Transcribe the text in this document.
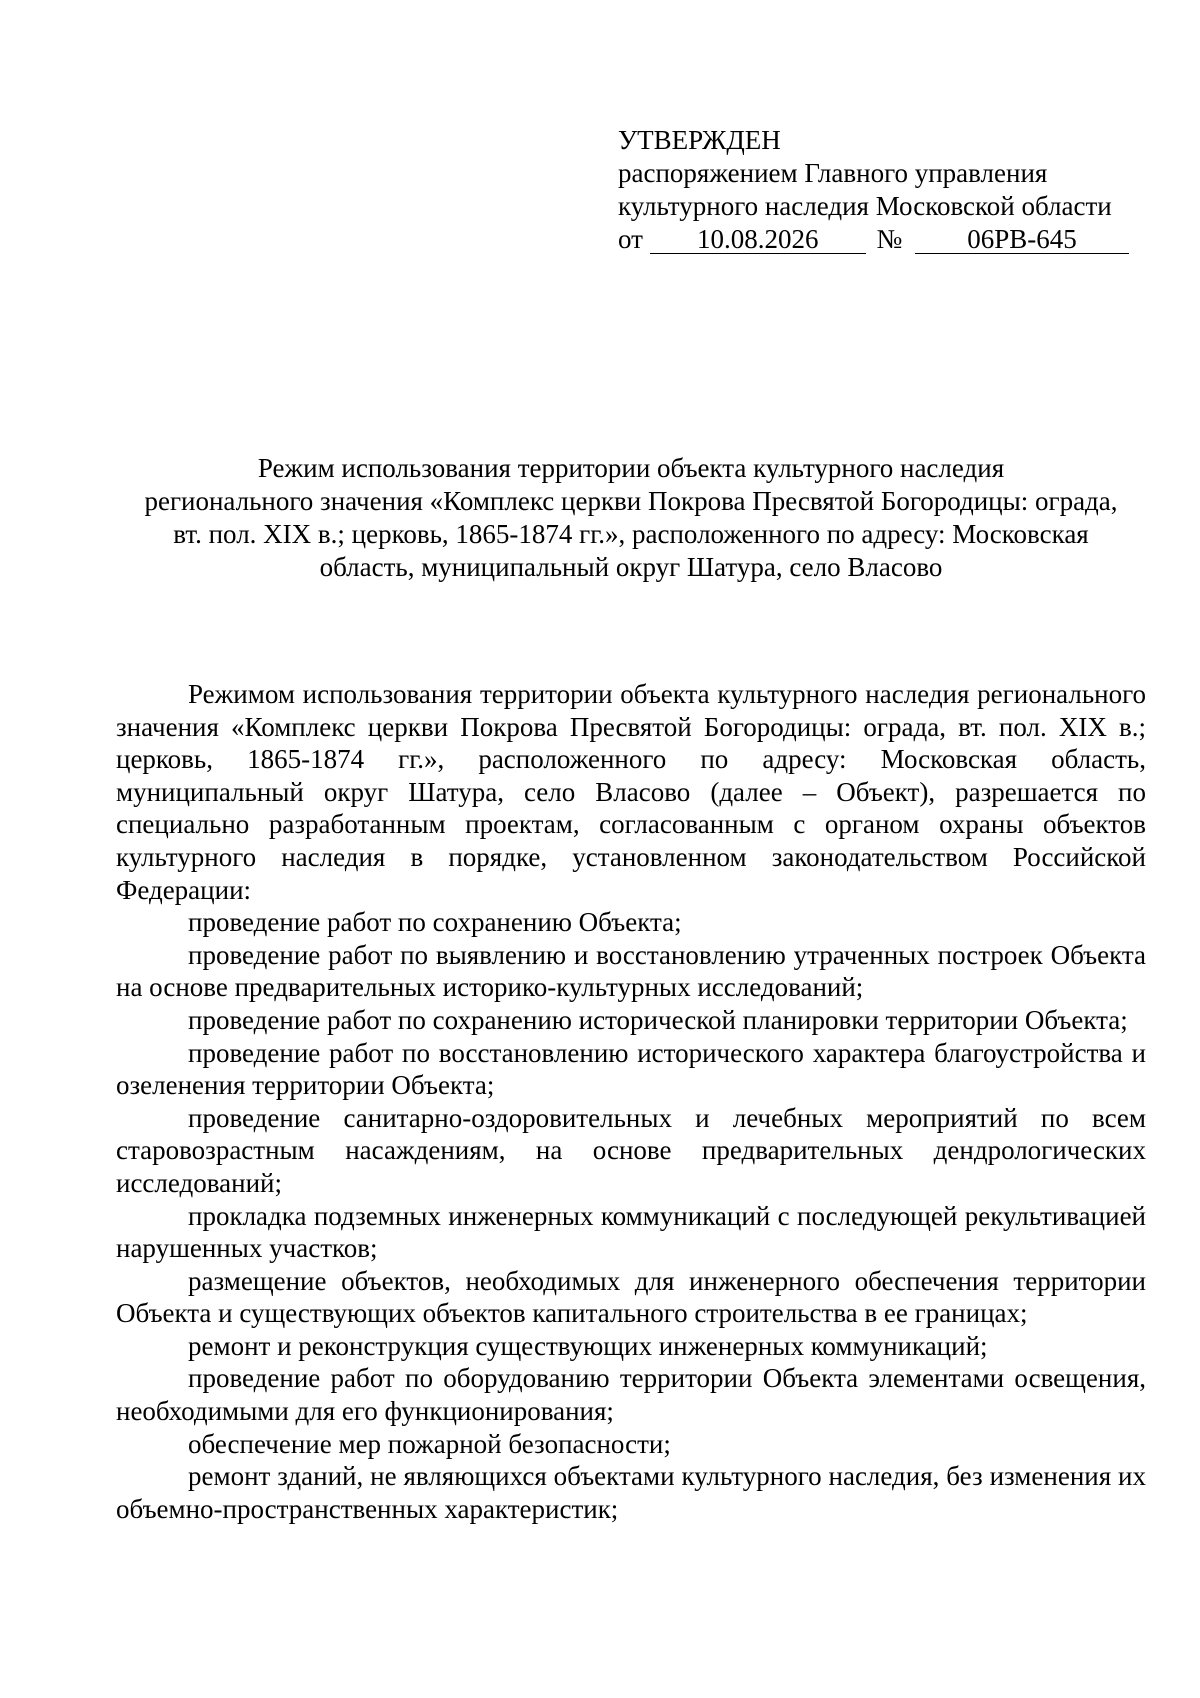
УТВЕРЖДЕН
распоряжением Главного управления
культурного наследия Московской области
от 10.08.2026 № 06РВ-645
Режим использования территории объекта культурного наследия
регионального значения «Комплекс церкви Покрова Пресвятой Богородицы: ограда,
вт. пол. XIX в.; церковь, 1865-1874 гг.», расположенного по адресу: Московская
область, муниципальный округ Шатура, село Власово

Режимом использования территории объекта культурного наследия регионального значения «Комплекс церкви Покрова Пресвятой Богородицы: ограда, вт. пол. XIX в.; церковь, 1865-1874 гг.», расположенного по адресу: Московская область, муниципальный округ Шатура, село Власово (далее – Объект), разрешается по специально разработанным проектам, согласованным с органом охраны объектов культурного наследия в порядке, установленном законодательством Российской Федерации:

проведение работ по сохранению Объекта;

проведение работ по выявлению и восстановлению утраченных построек Объекта на основе предварительных историко-культурных исследований;

проведение работ по сохранению исторической планировки территории Объекта;

проведение работ по восстановлению исторического характера благоустройства и озеленения территории Объекта;

проведение санитарно-оздоровительных и лечебных мероприятий по всем старовозрастным насаждениям, на основе предварительных дендрологических исследований;

прокладка подземных инженерных коммуникаций с последующей рекультивацией нарушенных участков;

размещение объектов, необходимых для инженерного обеспечения территории Объекта и существующих объектов капитального строительства в ее границах;

ремонт и реконструкция существующих инженерных коммуникаций;

проведение работ по оборудованию территории Объекта элементами освещения, необходимыми для его функционирования;

обеспечение мер пожарной безопасности;

ремонт зданий, не являющихся объектами культурного наследия, без изменения их объемно-пространственных характеристик;
